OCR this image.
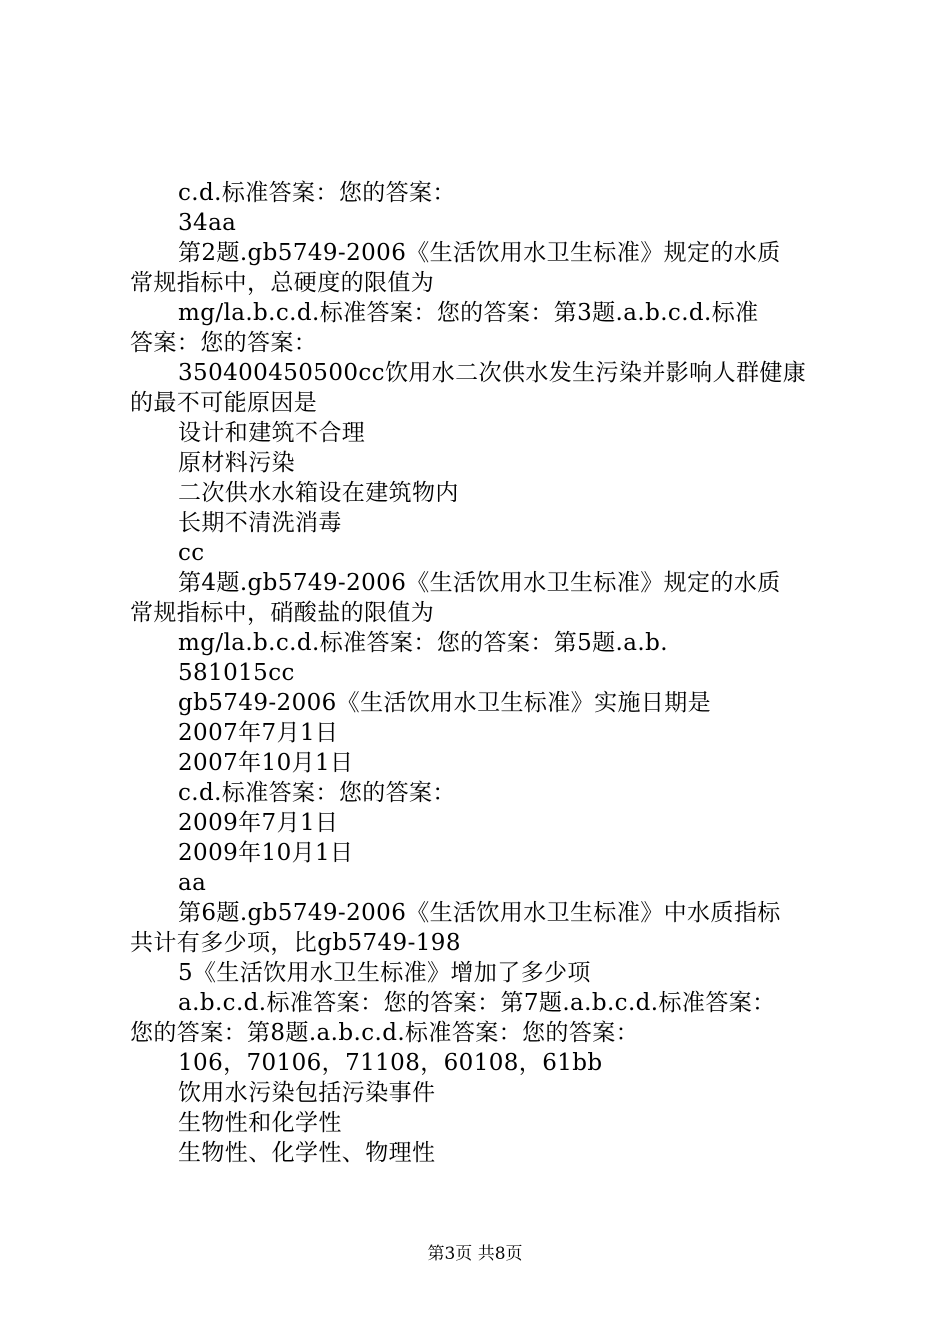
c.d.标准答案：您的答案：
34aa
第2题.gb5749-2006《生活饮用水卫生标准》规定的水质
常规指标中，总硬度的限值为
mg/la.b.c.d.标准答案：您的答案：第3题.a.b.c.d.标准
答案：您的答案：
350400450500cc饮用水二次供水发生污染并影响人群健康
的最不可能原因是
设计和建筑不合理
原材料污染
二次供水水箱设在建筑物内
长期不清洗消毒
cc
第4题.gb5749-2006《生活饮用水卫生标准》规定的水质
常规指标中，硝酸盐的限值为
mg/la.b.c.d.标准答案：您的答案：第5题.a.b.
581015cc
gb5749-2006《生活饮用水卫生标准》实施日期是
2007年7月1日
2007年10月1日
c.d.标准答案：您的答案：
2009年7月1日
2009年10月1日
aa
第6题.gb5749-2006《生活饮用水卫生标准》中水质指标
共计有多少项，比gb5749-198
5《生活饮用水卫生标准》增加了多少项
a.b.c.d.标准答案：您的答案：第7题.a.b.c.d.标准答案：
您的答案：第8题.a.b.c.d.标准答案：您的答案：
106，70106，71108，60108，61bb
饮用水污染包括污染事件
生物性和化学性
生物性、化学性、物理性
第3页 共8页
